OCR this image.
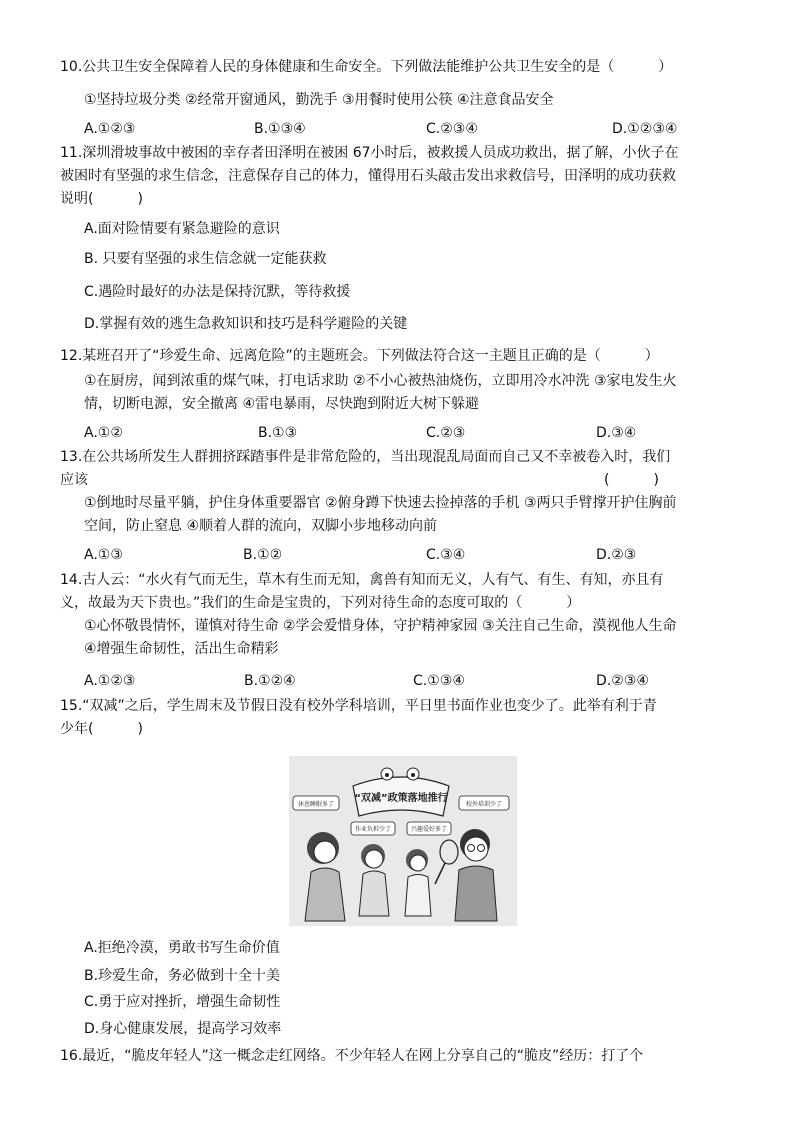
10.公共卫生安全保障着人民的身体健康和生命安全。下列做法能维护公共卫生安全的是（	）
①坚持垃圾分类 ②经常开窗通风，勤洗手 ③用餐时使用公筷 ④注意食品安全
A.①②③	B.①③④	C.②③④	D.①②③④
11.深圳滑坡事故中被困的幸存者田泽明在被困 67小时后，被救援人员成功救出，据了解，小伙子在
被困时有坚强的求生信念，注意保存自己的体力，懂得用石头敲击发出求救信号，田泽明的成功获救
说明(	)
A.面对险情要有紧急避险的意识
B. 只要有坚强的求生信念就一定能获救
C.遇险时最好的办法是保持沉默，等待救援
D.掌握有效的逃生急救知识和技巧是科学避险的关键
12.某班召开了“珍爱生命、远离危险”的主题班会。下列做法符合这一主题且正确的是（	）
①在厨房，闻到浓重的煤气味，打电话求助 ②不小心被热油烧伤，立即用冷水冲洗 ③家电发生火
情，切断电源，安全撤离 ④雷电暴雨，尽快跑到附近大树下躲避
A.①②	B.①③	C.②③	D.③④
13.在公共场所发生人群拥挤踩踏事件是非常危险的，当出现混乱局面而自己又不幸被卷入时，我们
应该	(	)
①倒地时尽量平躺，护住身体重要器官 ②俯身蹲下快速去捡掉落的手机 ③两只手臂撑开护住胸前
空间，防止窒息 ④顺着人群的流向，双脚小步地移动向前
A.①③	B.①②	C.③④	D.②③
14.古人云：“水火有气而无生，草木有生而无知，禽兽有知而无义，人有气、有生、有知，亦且有
义，故最为天下贵也。”我们的生命是宝贵的，下列对待生命的态度可取的（	）
①心怀敬畏情怀，谨慎对待生命 ②学会爱惜身体，守护精神家园 ③关注自己生命，漠视他人生命
④增强生命韧性，活出生命精彩
A.①②③	B.①②④	C.①③④	D.②③④
15.“双减”之后，学生周末及节假日没有校外学科培训，平日里书面作业也变少了。此举有利于青
少年(	)
“双减”政策落地推行
休息睡眠多了	校外培训少了
作业负担少了	兴趣爱好多了
A.拒绝冷漠，勇敢书写生命价值
B.珍爱生命，务必做到十全十美
C.勇于应对挫折，增强生命韧性
D.身心健康发展，提高学习效率
16.最近，“脆皮年轻人”这一概念走红网络。不少年轻人在网上分享自己的“脆皮”经历：打了个
